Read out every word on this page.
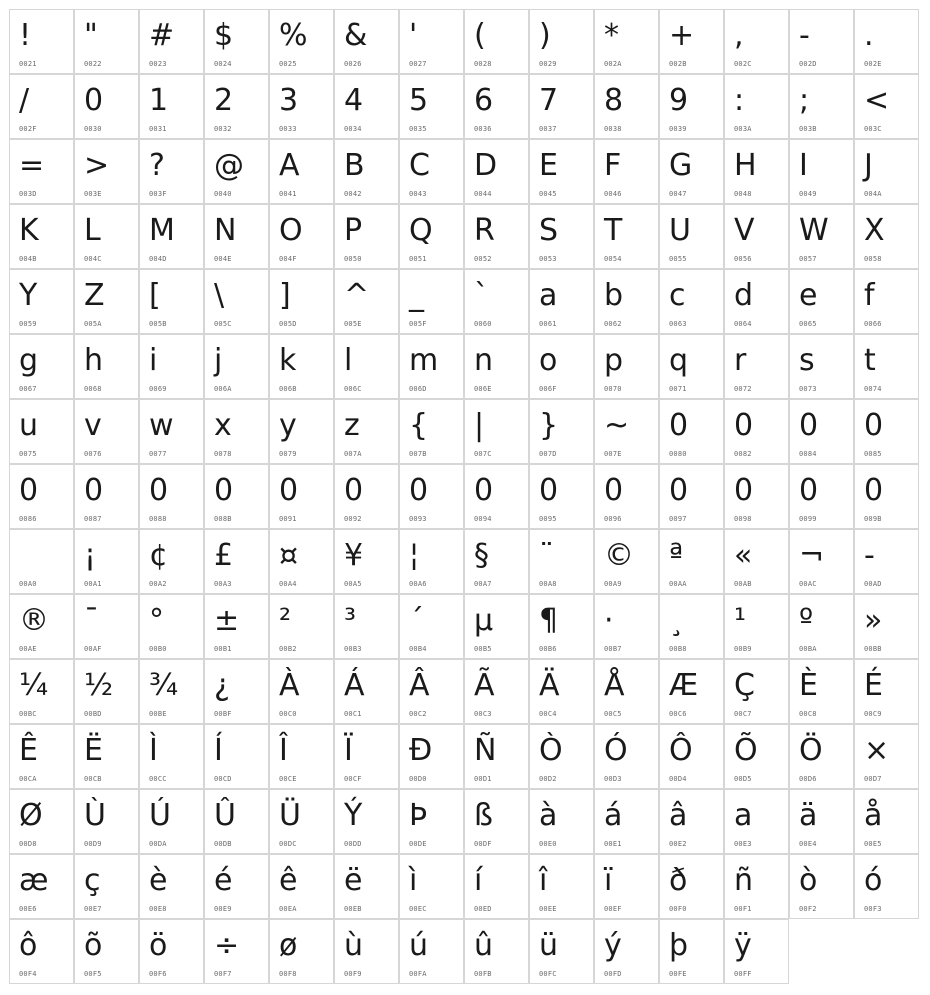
!
0021
"
0022
#
0023
$
0024
%
0025
&
0026
'
0027
(
0028
)
0029
*
002A
+
002B
,
002C
-
002D
.
002E
/
002F
0
0030
1
0031
2
0032
3
0033
4
0034
5
0035
6
0036
7
0037
8
0038
9
0039
:
003A
;
003B
<
003C
=
003D
>
003E
?
003F
@
0040
A
0041
B
0042
C
0043
D
0044
E
0045
F
0046
G
0047
H
0048
I
0049
J
004A
K
004B
L
004C
M
004D
N
004E
O
004F
P
0050
Q
0051
R
0052
S
0053
T
0054
U
0055
V
0056
W
0057
X
0058
Y
0059
Z
005A
[
005B
\
005C
]
005D
^
005E
_
005F
`
0060
a
0061
b
0062
c
0063
d
0064
e
0065
f
0066
g
0067
h
0068
i
0069
j
006A
k
006B
l
006C
m
006D
n
006E
o
006F
p
0070
q
0071
r
0072
s
0073
t
0074
u
0075
v
0076
w
0077
x
0078
y
0079
z
007A
{
007B
|
007C
}
007D
~
007E
0
0080
0
0082
0
0084
0
0085
0
0086
0
0087
0
0088
0
008B
0
0091
0
0092
0
0093
0
0094
0
0095
0
0096
0
0097
0
0098
0
0099
0
009B
00A0
¡
00A1
¢
00A2
£
00A3
¤
00A4
¥
00A5
¦
00A6
§
00A7
¨
00A8
©
00A9
ª
00AA
«
00AB
¬
00AC
-
00AD
®
00AE
¯
00AF
°
00B0
±
00B1
²
00B2
³
00B3
´
00B4
µ
00B5
¶
00B6
·
00B7
¸
00B8
¹
00B9
º
00BA
»
00BB
¼
00BC
½
00BD
¾
00BE
¿
00BF
À
00C0
Á
00C1
Â
00C2
Ã
00C3
Ä
00C4
Å
00C5
Æ
00C6
Ç
00C7
È
00C8
É
00C9
Ê
00CA
Ë
00CB
Ì
00CC
Í
00CD
Î
00CE
Ï
00CF
Ð
00D0
Ñ
00D1
Ò
00D2
Ó
00D3
Ô
00D4
Õ
00D5
Ö
00D6
×
00D7
Ø
00D8
Ù
00D9
Ú
00DA
Û
00DB
Ü
00DC
Ý
00DD
Þ
00DE
ß
00DF
à
00E0
á
00E1
â
00E2
a
00E3
ä
00E4
å
00E5
æ
00E6
ç
00E7
è
00E8
é
00E9
ê
00EA
ë
00EB
ì
00EC
í
00ED
î
00EE
ï
00EF
ð
00F0
ñ
00F1
ò
00F2
ó
00F3
ô
00F4
õ
00F5
ö
00F6
÷
00F7
ø
00F8
ù
00F9
ú
00FA
û
00FB
ü
00FC
ý
00FD
þ
00FE
ÿ
00FF
